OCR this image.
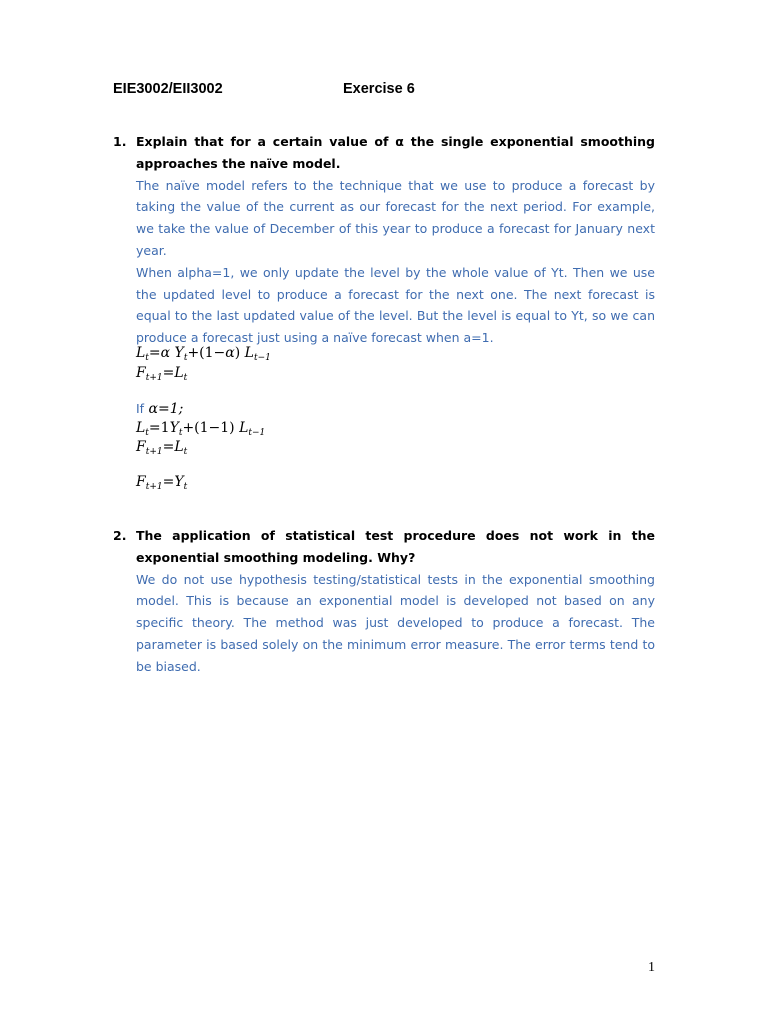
EIE3002/EII3002	Exercise 6
1. Explain that for a certain value of α the single exponential smoothing approaches the naïve model.

The naïve model refers to the technique that we use to produce a forecast by taking the value of the current as our forecast for the next period. For example, we take the value of December of this year to produce a forecast for January next year.

When alpha=1, we only update the level by the whole value of Yt. Then we use the updated level to produce a forecast for the next one. The next forecast is equal to the last updated value of the level. But the level is equal to Yt, so we can produce a forecast just using a naïve forecast when a=1.

$L_t=\alpha$ $Y_t+(1-\alpha)$ $L_{t-1}$
$F_{t+1}=L_t$
If α=1;
$L_t=1Y_t+(1-1)$ $L_{t-1}$
$F_{t+1}=L_t$
$F_{t+1}=Y_t$
2. The application of statistical test procedure does not work in the exponential smoothing modeling. Why?

We do not use hypothesis testing/statistical tests in the exponential smoothing model. This is because an exponential model is developed not based on any specific theory. The method was just developed to produce a forecast. The parameter is based solely on the minimum error measure. The error terms tend to be biased.

1
